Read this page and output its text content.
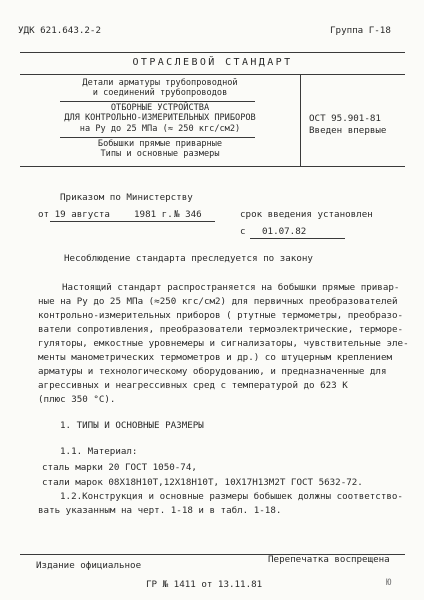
УДК 621.643.2-2	Группа Г-18
ОТРАСЛЕВОЙ СТАНДАРТ
Детали арматуры трубопроводной
и соединений трубопроводов
ОТБОРНЫЕ УСТРОЙСТВА
ДЛЯ КОНТРОЛЬНО-ИЗМЕРИТЕЛЬНЫХ ПРИБОРОВ
на Ру до 25 МПа (≈ 250 кгс/см2)
Бобышки прямые приварные
Типы и основные размеры
ОСТ 95.901-81
Введен впервые
Приказом по Министерству
от 19 августа	1981 г. № 346	срок введения установлен
с 01.07.82
Несоблюдение стандарта преследуется по закону
Настоящий стандарт распространяется на бобышки прямые привар-
ные на Ру до 25 МПа (≈250 кгс/см2) для первичных преобразователей
контрольно-измерительных приборов ( ртутные термометры, преобразо-
ватели сопротивления, преобразователи термоэлектрические, терморе-
гуляторы, емкостные уровнемеры и сигнализаторы, чувствительные эле-
менты манометрических термометров и др.) со штуцерным креплением
арматуры и технологическому оборудованию, и предназначенные для
агрессивных и неагрессивных сред с температурой до 623 К
(плюс 350 °С).
1. ТИПЫ И ОСНОВНЫЕ РАЗМЕРЫ
1.1. Материал:
сталь марки 20 ГОСТ 1050-74,
стали марок 08Х18Н10Т,12Х18Н10Т, 10Х17Н13М2Т ГОСТ 5632-72.
1.2.Конструкция и основные размеры бобышек должны соответство-
вать указанным на черт. 1-18 и в табл. 1-18.
Издание официальное
Перепечатка воспрещена
ГР № 1411 от 13.11.81	Ю
